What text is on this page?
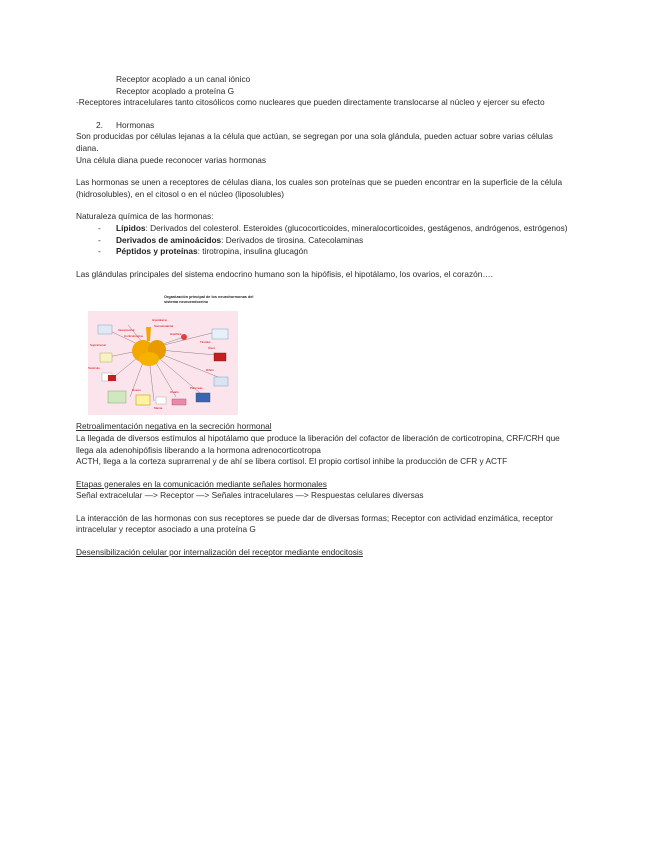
Receptor acoplado a un canal iónico

Receptor acoplado a proteína G

-Receptores intracelulares tanto citosólicos como nucleares que pueden directamente translocarse al núcleo y ejercer su efecto

2.	Hormonas

Son producidas por células lejanas a la célula que actúan, se segregan por una sola glándula, pueden actuar sobre varias células diana.

Una célula diana puede reconocer varias hormonas

Las hormonas se unen a receptores de células diana, los cuales son proteínas que se pueden encontrar en la superficie de la célula (hidrosolubles), en el citosol o en el núcleo (liposolubles)

Naturaleza química de las hormonas:

- Lípidos: Derivados del colesterol. Esteroides (glucocorticoides, mineralocorticoides, gestágenos, andrógenos, estrógenos)
- Derivados de aminoácidos: Derivados de tirosina. Catecolaminas
- Péptidos y proteínas: tirotropina, insulina glucagón

Las glándulas principales del sistema endocrino humano son la hipófisis, el hipotálamo, los ovarios, el corazón….

Organización principal de los neurohormonas del sistema neuroendocrino
Hipotálamo
Somatostatina
Hipófisis
Tiroides
Vasopresina
Corticotropina
Suprarrenal
Testículo
Ovario
Páncreas
Riñón
Hueso
Mama
Útero

Retroalimentación negativa en la secreción hormonal

La llegada de diversos estímulos al hipotálamo que produce la liberación del cofactor de liberación de corticotropina, CRF/CRH que llega ala adenohipófisis liberando a la hormona adrenocorticotropa

ACTH, llega a la corteza suprarrenal y de ahí se libera cortisol. El propio cortisol inhibe la producción de CFR y ACTF

Etapas generales en la comunicación mediante señales hormonales

Señal extracelular —> Receptor —> Señales intracelulares —> Respuestas celulares diversas

La interacción de las hormonas con sus receptores se puede dar de diversas formas; Receptor con actividad enzimática, receptor intracelular y receptor asociado a una proteína G

Desensibilización celular por internalización del receptor mediante endocitosis
